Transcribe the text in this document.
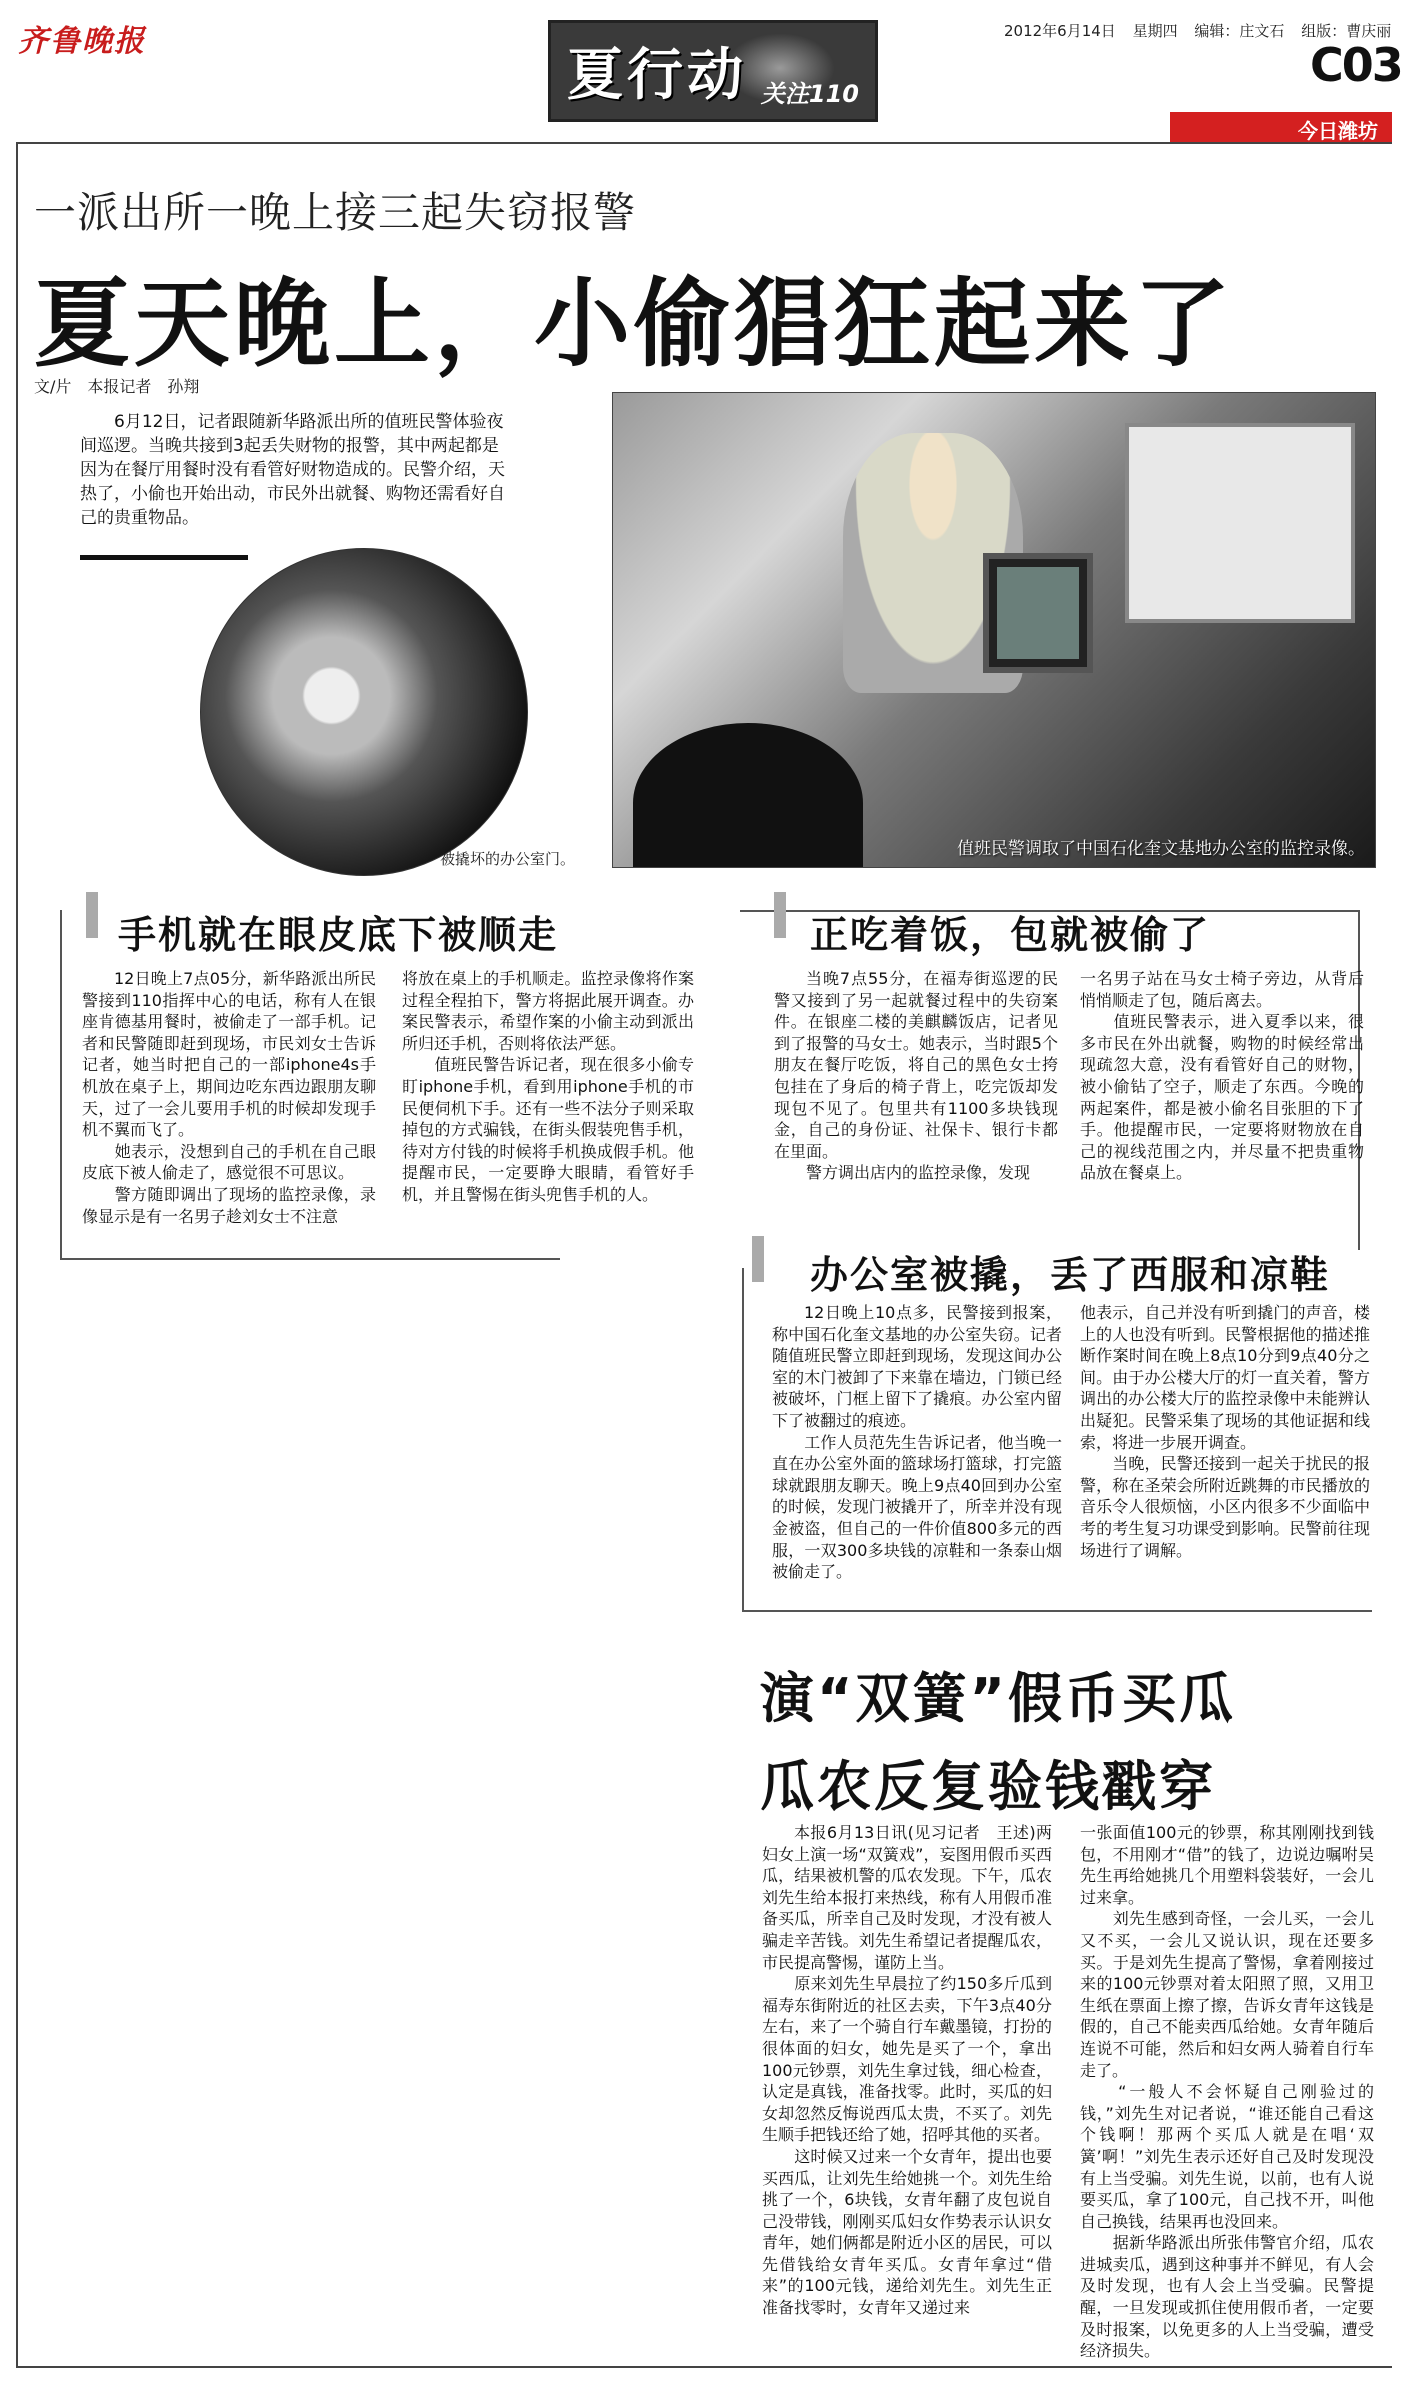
齐鲁晚报
夏行动 关注110
2012年6月14日 星期四 编辑：庄文石 组版：曹庆丽
C03
今日潍坊
一派出所一晚上接三起失窃报警
夏天晚上，小偷猖狂起来了
文/片　本报记者　孙翔
6月12日，记者跟随新华路派出所的值班民警体验夜间巡逻。当晚共接到3起丢失财物的报警，其中两起都是因为在餐厅用餐时没有看管好财物造成的。民警介绍，天热了，小偷也开始出动，市民外出就餐、购物还需看好自己的贵重物品。
值班民警调取了中国石化奎文基地办公室的监控录像。
被撬坏的办公室门。
手机就在眼皮底下被顺走
12日晚上7点05分，新华路派出所民警接到110指挥中心的电话，称有人在银座肯德基用餐时，被偷走了一部手机。记者和民警随即赶到现场，市民刘女士告诉记者，她当时把自己的一部iphone4s手机放在桌子上，期间边吃东西边跟朋友聊天，过了一会儿要用手机的时候却发现手机不翼而飞了。
　　她表示，没想到自己的手机在自己眼皮底下被人偷走了，感觉很不可思议。
　　警方随即调出了现场的监控录像，录像显示是有一名男子趁刘女士不注意
将放在桌上的手机顺走。监控录像将作案过程全程拍下，警方将据此展开调查。办案民警表示，希望作案的小偷主动到派出所归还手机，否则将依法严惩。
　　值班民警告诉记者，现在很多小偷专盯iphone手机，看到用iphone手机的市民便伺机下手。还有一些不法分子则采取掉包的方式骗钱，在街头假装兜售手机，待对方付钱的时候将手机换成假手机。他提醒市民，一定要睁大眼睛，看管好手机，并且警惕在街头兜售手机的人。
正吃着饭，包就被偷了
当晚7点55分，在福寿街巡逻的民警又接到了另一起就餐过程中的失窃案件。在银座二楼的美麒麟饭店，记者见到了报警的马女士。她表示，当时跟5个朋友在餐厅吃饭，将自己的黑色女士挎包挂在了身后的椅子背上，吃完饭却发现包不见了。包里共有1100多块钱现金，自己的身份证、社保卡、银行卡都在里面。
　　警方调出店内的监控录像，发现
一名男子站在马女士椅子旁边，从背后悄悄顺走了包，随后离去。
　　值班民警表示，进入夏季以来，很多市民在外出就餐，购物的时候经常出现疏忽大意，没有看管好自己的财物，被小偷钻了空子，顺走了东西。今晚的两起案件，都是被小偷名目张胆的下了手。他提醒市民，一定要将财物放在自己的视线范围之内，并尽量不把贵重物品放在餐桌上。
办公室被撬，丢了西服和凉鞋
12日晚上10点多，民警接到报案，称中国石化奎文基地的办公室失窃。记者随值班民警立即赶到现场，发现这间办公室的木门被卸了下来靠在墙边，门锁已经被破坏，门框上留下了撬痕。办公室内留下了被翻过的痕迹。
　　工作人员范先生告诉记者，他当晚一直在办公室外面的篮球场打篮球，打完篮球就跟朋友聊天。晚上9点40回到办公室的时候，发现门被撬开了，所幸并没有现金被盗，但自己的一件价值800多元的西服，一双300多块钱的凉鞋和一条泰山烟被偷走了。
他表示，自己并没有听到撬门的声音，楼上的人也没有听到。民警根据他的描述推断作案时间在晚上8点10分到9点40分之间。由于办公楼大厅的灯一直关着，警方调出的办公楼大厅的监控录像中未能辨认出疑犯。民警采集了现场的其他证据和线索，将进一步展开调查。
　　当晚，民警还接到一起关于扰民的报警，称在圣荣会所附近跳舞的市民播放的音乐令人很烦恼，小区内很多不少面临中考的考生复习功课受到影响。民警前往现场进行了调解。
演“双簧”假币买瓜
瓜农反复验钱戳穿
本报6月13日讯(见习记者　王述)两妇女上演一场“双簧戏”，妄图用假币买西瓜，结果被机警的瓜农发现。下午，瓜农刘先生给本报打来热线，称有人用假币准备买瓜，所幸自己及时发现，才没有被人骗走辛苦钱。刘先生希望记者提醒瓜农，市民提高警惕，谨防上当。
　　原来刘先生早晨拉了约150多斤瓜到福寿东街附近的社区去卖，下午3点40分左右，来了一个骑自行车戴墨镜，打扮的很体面的妇女，她先是买了一个，拿出100元钞票，刘先生拿过钱，细心检查，认定是真钱，准备找零。此时，买瓜的妇女却忽然反悔说西瓜太贵，不买了。刘先生顺手把钱还给了她，招呼其他的买者。
　　这时候又过来一个女青年，提出也要买西瓜，让刘先生给她挑一个。刘先生给挑了一个，6块钱，女青年翻了皮包说自己没带钱，刚刚买瓜妇女作势表示认识女青年，她们俩都是附近小区的居民，可以先借钱给女青年买瓜。女青年拿过“借来”的100元钱，递给刘先生。刘先生正准备找零时，女青年又递过来
一张面值100元的钞票，称其刚刚找到钱包，不用刚才“借”的钱了，边说边嘱咐吴先生再给她挑几个用塑料袋装好，一会儿过来拿。
　　刘先生感到奇怪，一会儿买，一会儿又不买，一会儿又说认识，现在还要多买。于是刘先生提高了警惕，拿着刚接过来的100元钞票对着太阳照了照，又用卫生纸在票面上擦了擦，告诉女青年这钱是假的，自己不能卖西瓜给她。女青年随后连说不可能，然后和妇女两人骑着自行车走了。
　　“一般人不会怀疑自己刚验过的钱，”刘先生对记者说，“谁还能自己看这个钱啊！那两个买瓜人就是在唱‘双簧’啊！”刘先生表示还好自己及时发现没有上当受骗。刘先生说，以前，也有人说要买瓜，拿了100元，自己找不开，叫他自己换钱，结果再也没回来。
　　据新华路派出所张伟警官介绍，瓜农进城卖瓜，遇到这种事并不鲜见，有人会及时发现，也有人会上当受骗。民警提醒，一旦发现或抓住使用假币者，一定要及时报案，以免更多的人上当受骗，遭受经济损失。
